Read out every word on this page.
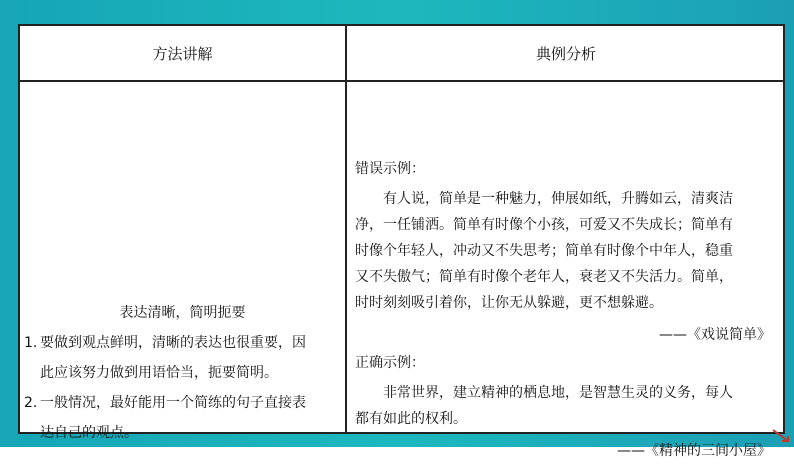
方法讲解	典例分析
表达清晰，简明扼要
1. 要做到观点鲜明，清晰的表达也很重要，因
此应该努力做到用语恰当，扼要简明。
2. 一般情况，最好能用一个简练的句子直接表
达自己的观点。
错误示例：
有人说，简单是一种魅力，伸展如纸，升腾如云，清爽洁
净，一任铺洒。简单有时像个小孩，可爱又不失成长；简单有
时像个年轻人，冲动又不失思考；简单有时像个中年人，稳重
又不失傲气；简单有时像个老年人，衰老又不失活力。简单，
时时刻刻吸引着你，让你无从躲避，更不想躲避。
——《戏说简单》
正确示例：
非常世界，建立精神的栖息地，是智慧生灵的义务，每人
都有如此的权利。
——《精神的三间小屋》
